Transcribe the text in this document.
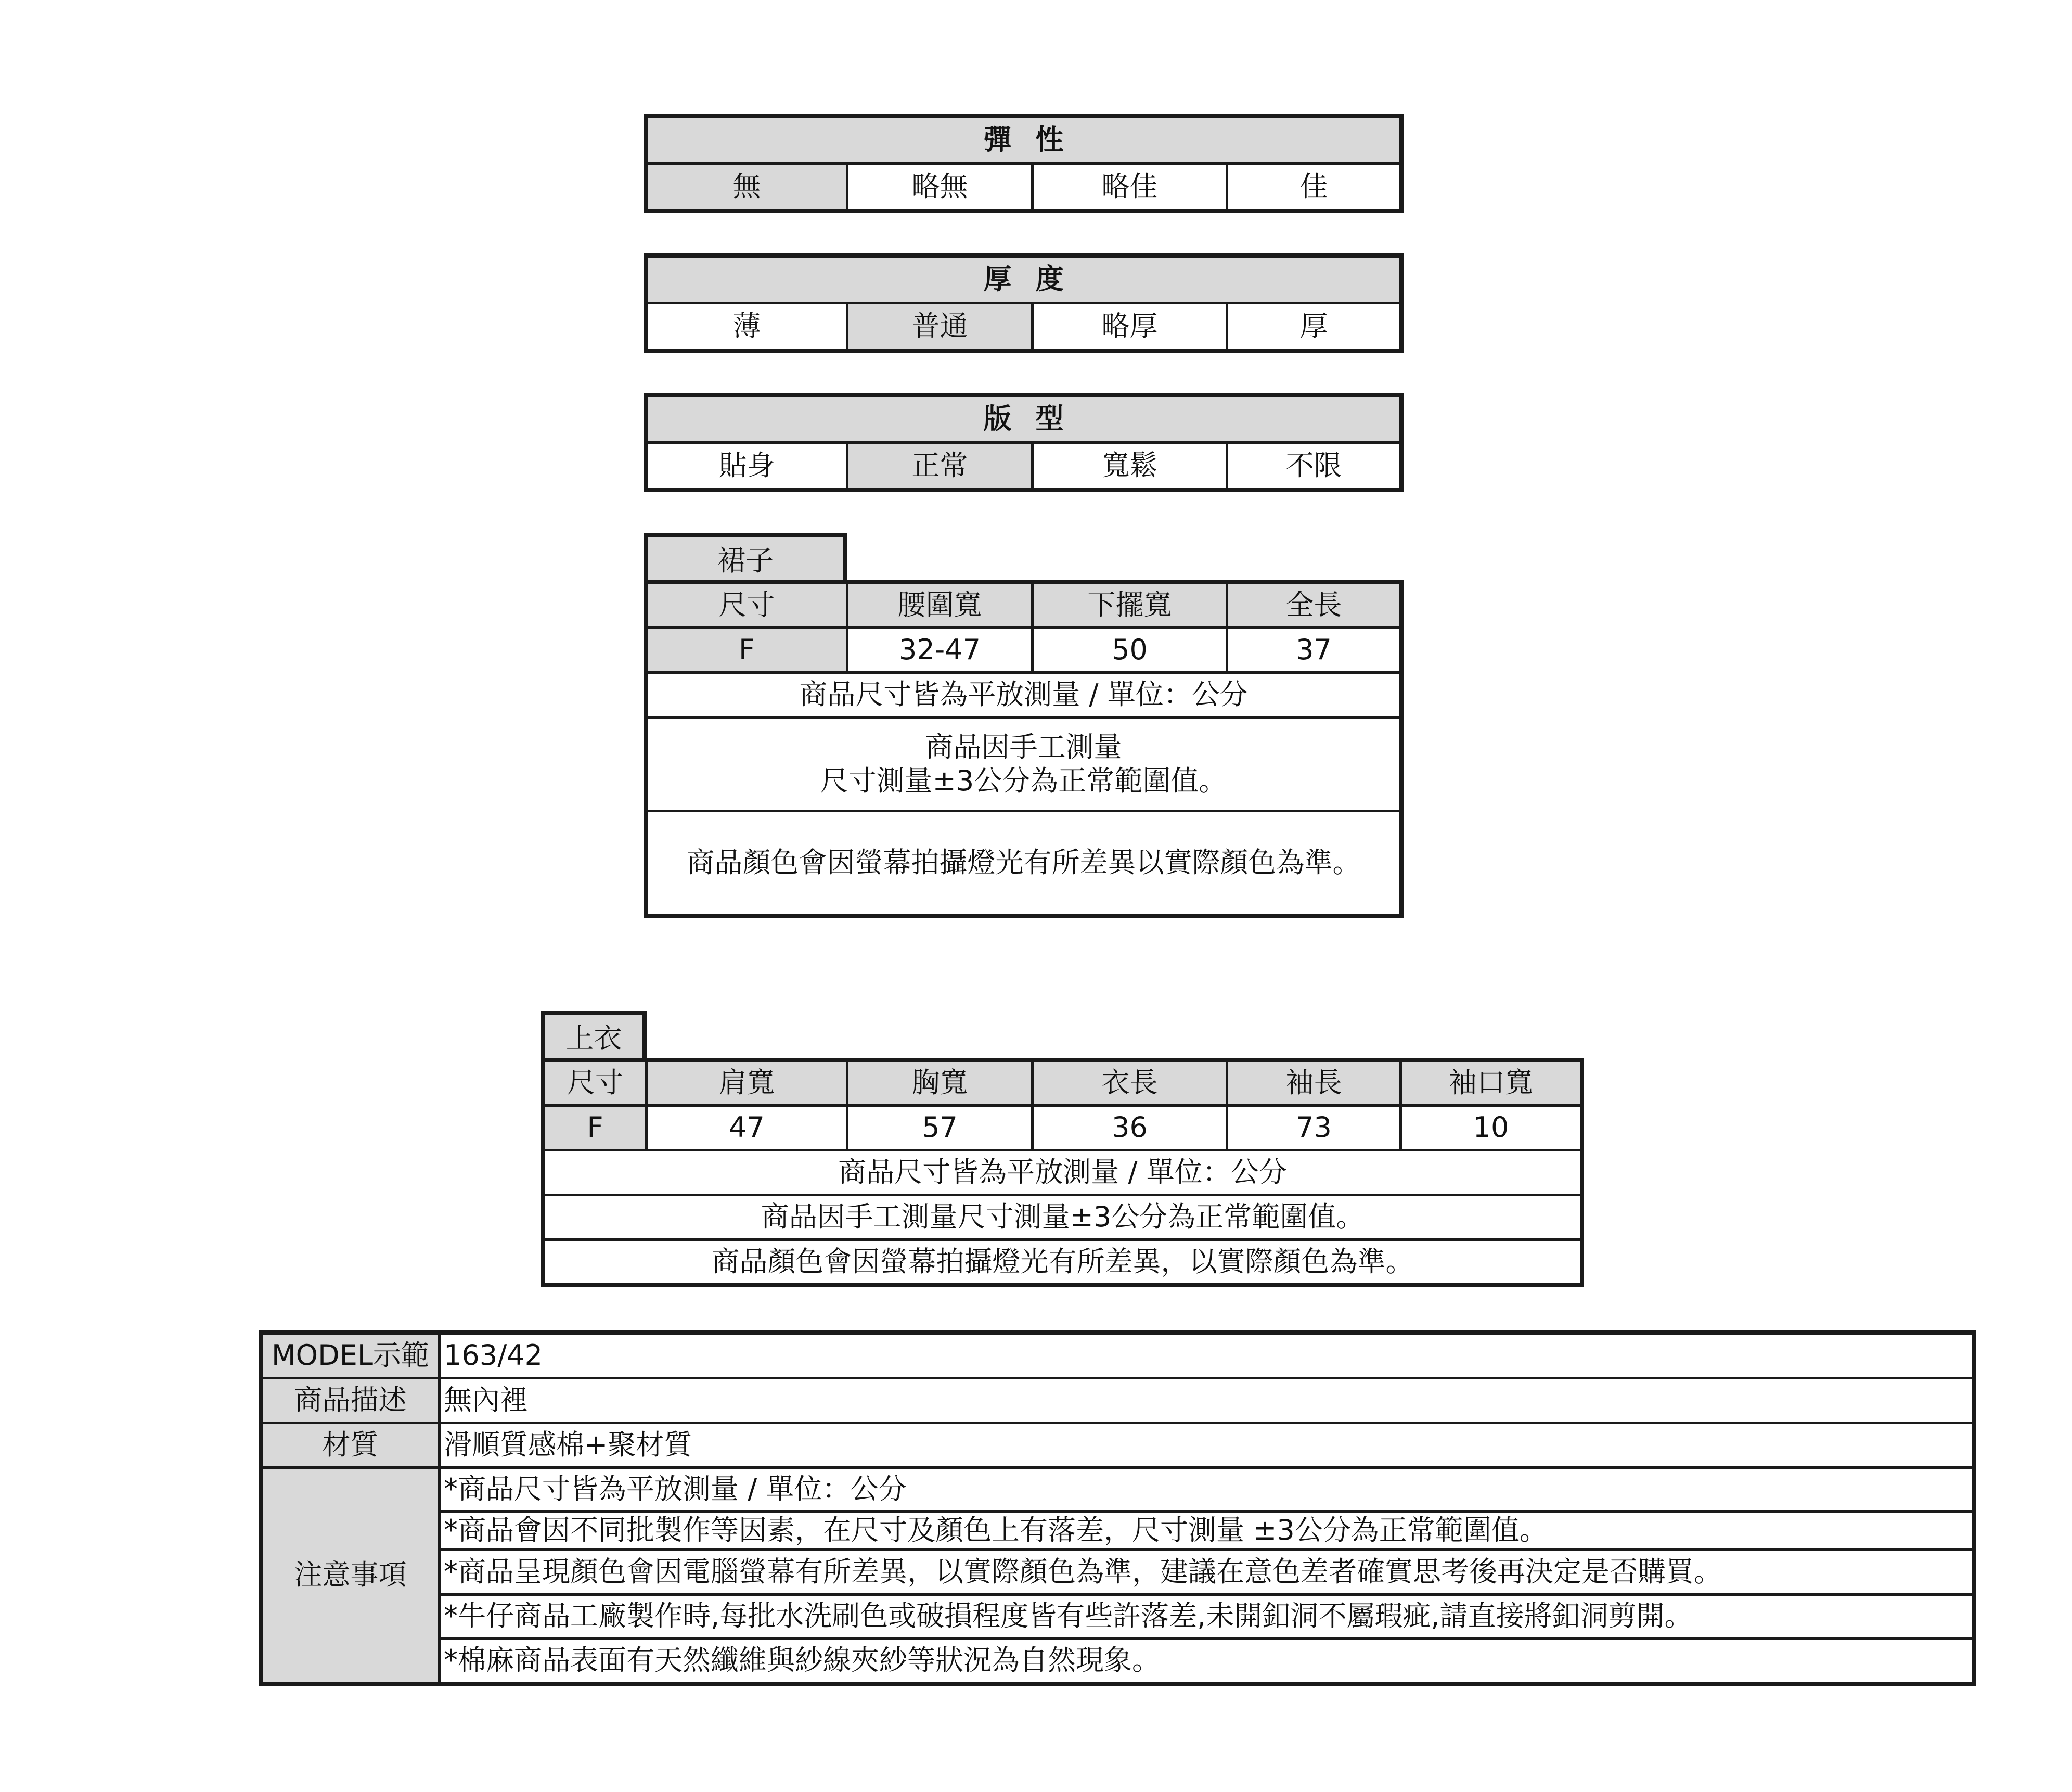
彈性
無	略無	略佳	佳
厚度
薄	普通	略厚	厚
版型
貼身	正常	寬鬆	不限
裙子
尺寸	腰圍寬	下擺寬	全長
F	32-47	50	37
商品尺寸皆為平放測量 / 單位：公分			

商品因手工測量
尺寸測量±3公分為正常範圍值。			

商品顏色會因螢幕拍攝燈光有所差異以實際顏色為準。			
上衣
尺寸	肩寬	胸寬	衣長	袖長	袖口寬
F	47	57	36	73	10
商品尺寸皆為平放測量 / 單位：公分					
商品因手工測量尺寸測量±3公分為正常範圍值。					
商品顏色會因螢幕拍攝燈光有所差異，以實際顏色為準。					
MODEL示範	163/42
商品描述	無內裡
材質	滑順質感棉+聚材質
注意事項	*商品尺寸皆為平放測量 / 單位：公分
	*商品會因不同批製作等因素，在尺寸及顏色上有落差，尺寸測量 ±3公分為正常範圍值。
	*商品呈現顏色會因電腦螢幕有所差異，以實際顏色為準，建議在意色差者確實思考後再決定是否購買。
	*牛仔商品工廠製作時,每批水洗刷色或破損程度皆有些許落差,未開釦洞不屬瑕疵,請直接將釦洞剪開。
	*棉麻商品表面有天然纖維與紗線夾紗等狀況為自然現象。
